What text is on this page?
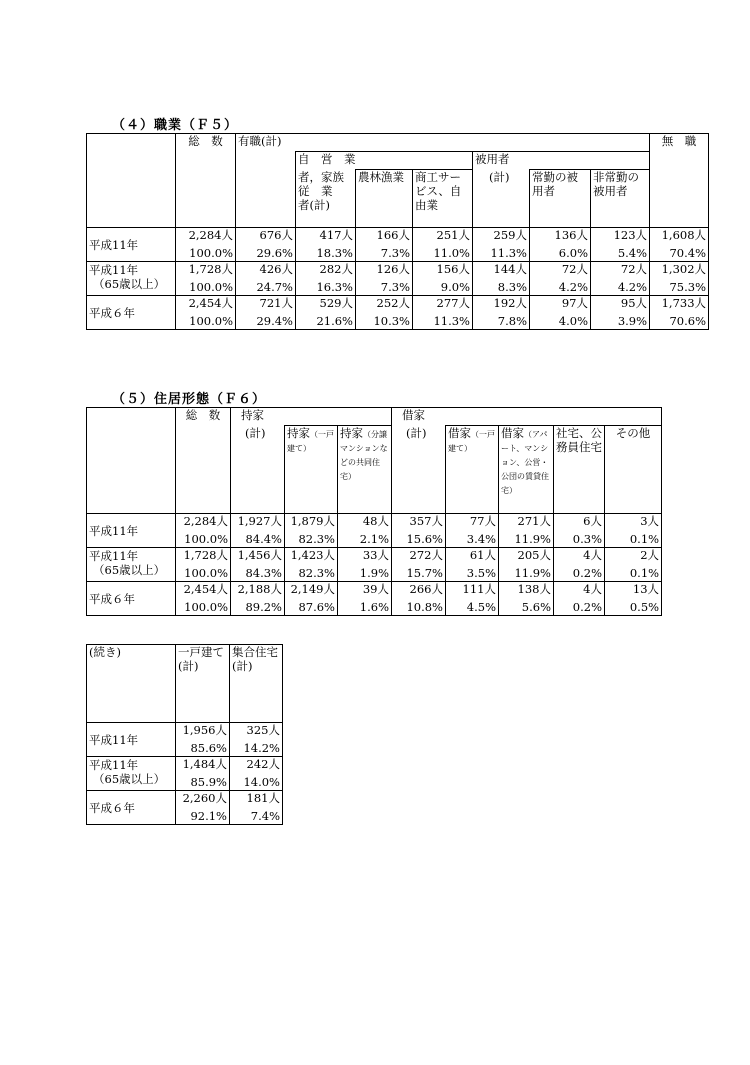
（４）職業（Ｆ５）
	総　数	有職(計)							無　職
			自　営　業			被用者			
			者，家族従　業　者(計)	農林漁業	商工サービス、自由業	(計)	常勤の被用者	非常勤の被用者	

平成11年	2,284人	676人	417人	166人	251人	259人	136人	123人	1,608人
	100.0%	29.6%	18.3%	7.3%	11.0%	11.3%	6.0%	5.4%	70.4%

平成11年
（65歳以上）	1,728人	426人	282人	126人	156人	144人	72人	72人	1,302人
	100.0%	24.7%	16.3%	7.3%	9.0%	8.3%	4.2%	4.2%	75.3%

平成６年	2,454人	721人	529人	252人	277人	192人	97人	95人	1,733人
	100.0%	29.4%	21.6%	10.3%	11.3%	7.8%	4.0%	3.9%	70.6%
（５）住居形態（Ｆ６）
	総　数	持家			借家				
		(計)	持家（一戸建て）	持家（分譲マンションなどの共同住宅）	(計)	借家（一戸建て）	借家（アパート、マンション、公営・公団の賃貸住宅）	社宅、公務員住宅	その他

平成11年	2,284人	1,927人	1,879人	48人	357人	77人	271人	6人	3人
	100.0%	84.4%	82.3%	2.1%	15.6%	3.4%	11.9%	0.3%	0.1%

平成11年
（65歳以上）	1,728人	1,456人	1,423人	33人	272人	61人	205人	4人	2人
	100.0%	84.3%	82.3%	1.9%	15.7%	3.5%	11.9%	0.2%	0.1%

平成６年	2,454人	2,188人	2,149人	39人	266人	111人	138人	4人	13人
	100.0%	89.2%	87.6%	1.6%	10.8%	4.5%	5.6%	0.2%	0.5%
(続き)	一戸建て(計)	集合住宅(計)

平成11年	1,956人	325人
	85.6%	14.2%

平成11年
（65歳以上）	1,484人	242人
	85.9%	14.0%

平成６年	2,260人	181人
	92.1%	7.4%
